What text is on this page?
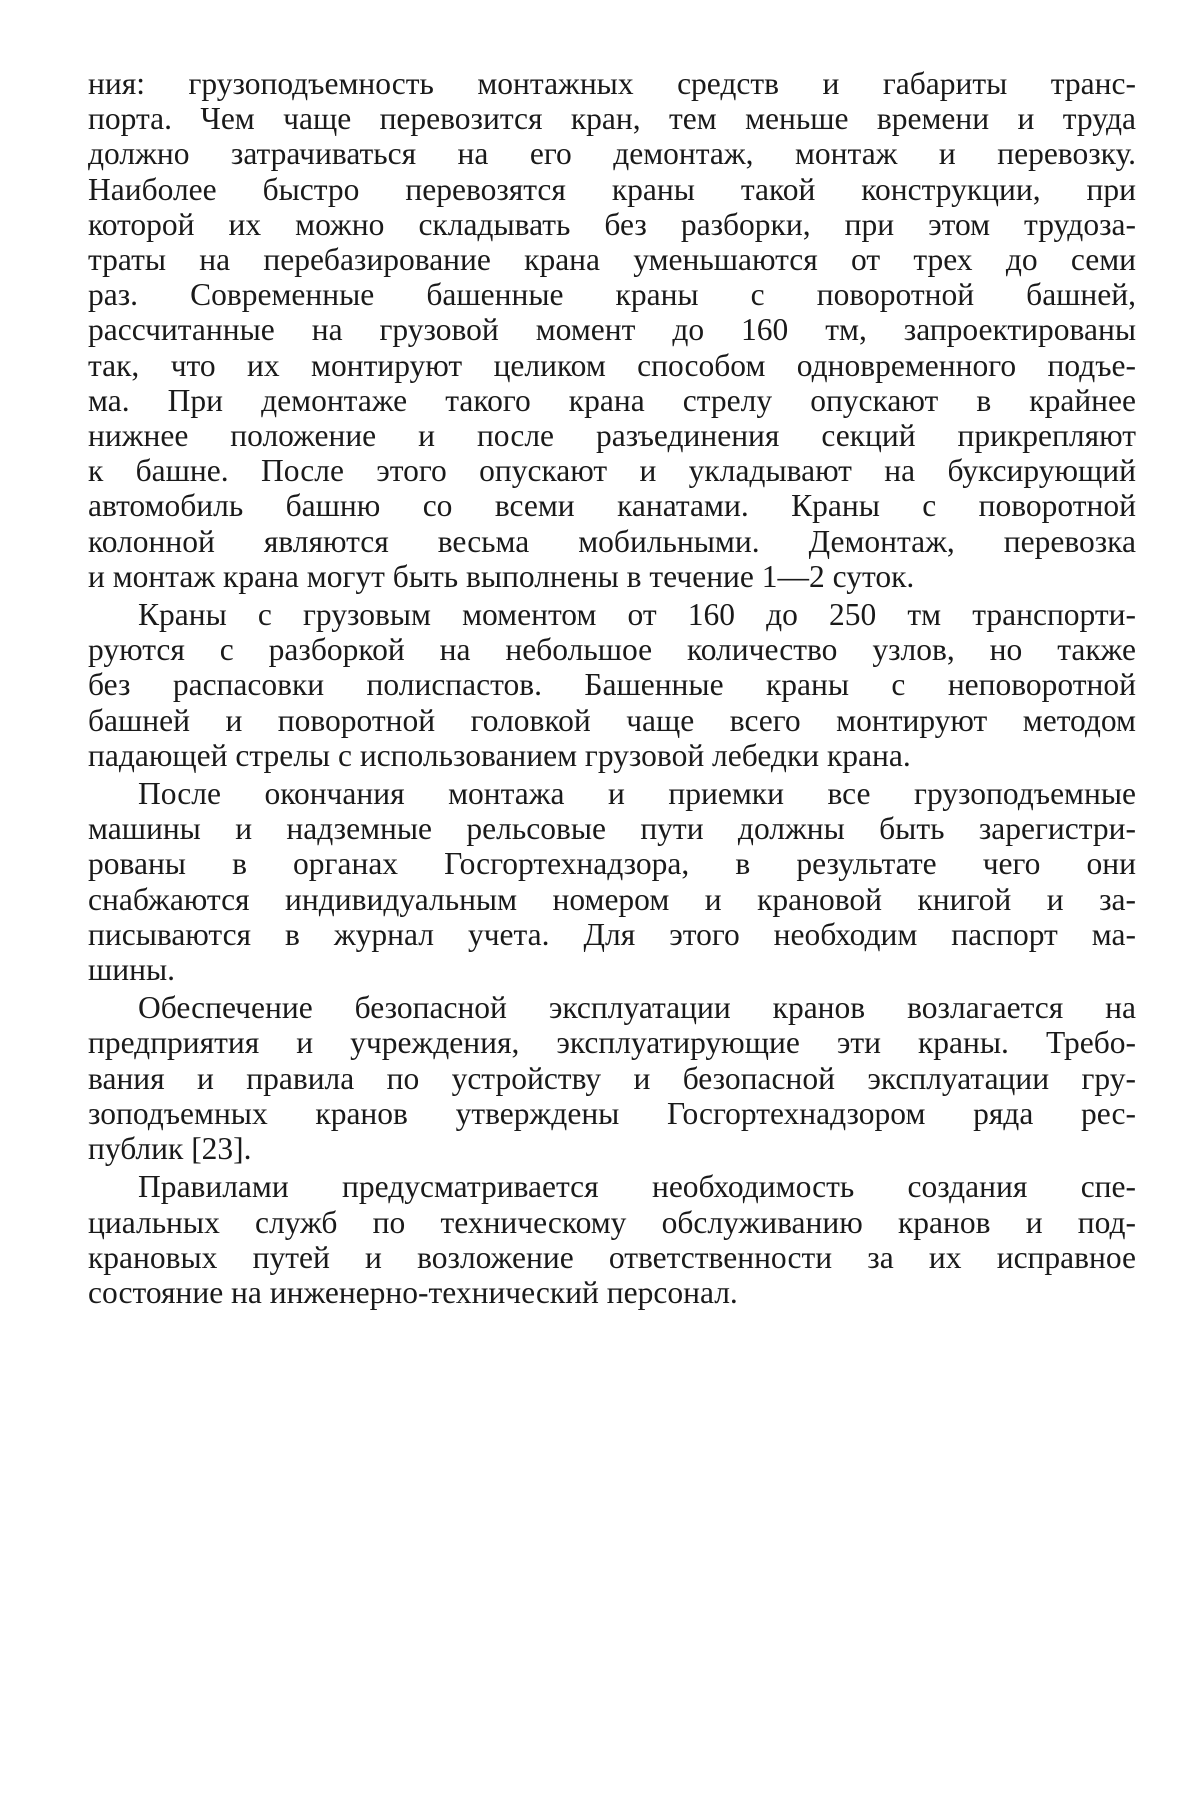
ния: грузоподъемность монтажных средств и габариты транс-
порта. Чем чаще перевозится кран, тем меньше времени и труда
должно затрачиваться на его демонтаж, монтаж и перевозку.
Наиболее быстро перевозятся краны такой конструкции, при
которой их можно складывать без разборки, при этом трудоза-
траты на перебазирование крана уменьшаются от трех до семи
раз. Современные башенные краны с поворотной башней,
рассчитанные на грузовой момент до 160 тм, запроектированы
так, что их монтируют целиком способом одновременного подъе-
ма. При демонтаже такого крана стрелу опускают в крайнее
нижнее положение и после разъединения секций прикрепляют
к башне. После этого опускают и укладывают на буксирующий
автомобиль башню со всеми канатами. Краны с поворотной
колонной являются весьма мобильными. Демонтаж, перевозка
и монтаж крана могут быть выполнены в течение 1—2 суток.
Краны с грузовым моментом от 160 до 250 тм транспорти-
руются с разборкой на небольшое количество узлов, но также
без распасовки полиспастов. Башенные краны с неповоротной
башней и поворотной головкой чаще всего монтируют методом
падающей стрелы с использованием грузовой лебедки крана.
После окончания монтажа и приемки все грузоподъемные
машины и надземные рельсовые пути должны быть зарегистри-
рованы в органах Госгортехнадзора, в результате чего они
снабжаются индивидуальным номером и крановой книгой и за-
писываются в журнал учета. Для этого необходим паспорт ма-
шины.
Обеспечение безопасной эксплуатации кранов возлагается на
предприятия и учреждения, эксплуатирующие эти краны. Требо-
вания и правила по устройству и безопасной эксплуатации гру-
зоподъемных кранов утверждены Госгортехнадзором ряда рес-
публик [23].
Правилами предусматривается необходимость создания спе-
циальных служб по техническому обслуживанию кранов и под-
крановых путей и возложение ответственности за их исправное
состояние на инженерно-технический персонал.
